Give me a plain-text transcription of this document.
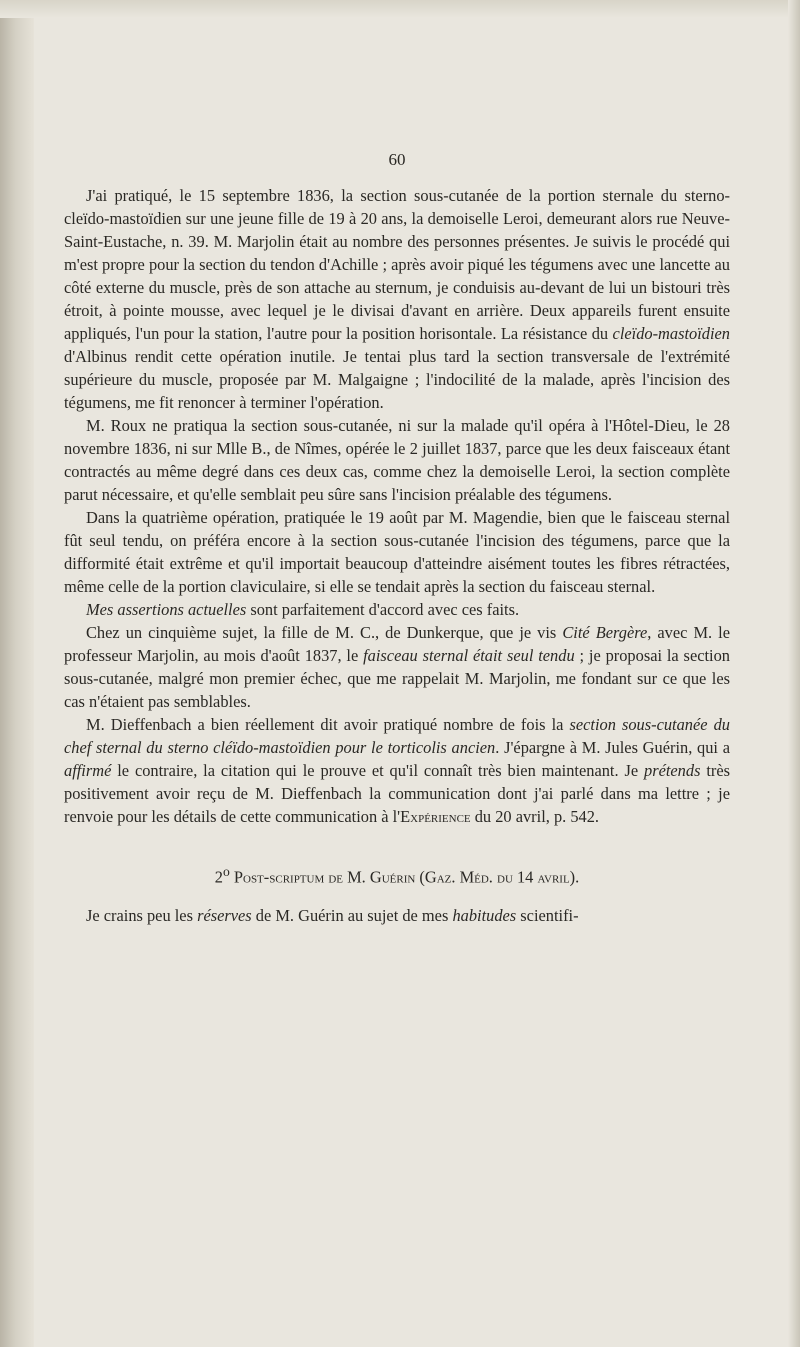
60

J'ai pratiqué, le 15 septembre 1836, la section sous-cutanée de la portion sternale du sterno-cleïdo-mastoïdien sur une jeune fille de 19 à 20 ans, la demoiselle Leroi, demeurant alors rue Neuve-Saint-Eustache, n. 39. M. Marjolin était au nombre des personnes présentes. Je suivis le procédé qui m'est propre pour la section du tendon d'Achille ; après avoir piqué les tégumens avec une lancette au côté externe du muscle, près de son attache au sternum, je conduisis au-devant de lui un bistouri très étroit, à pointe mousse, avec lequel je le divisai d'avant en arrière. Deux appareils furent ensuite appliqués, l'un pour la station, l'autre pour la position horisontale. La résistance du cleïdo-mastoïdien d'Albinus rendit cette opération inutile. Je tentai plus tard la section transversale de l'extrémité supérieure du muscle, proposée par M. Malgaigne ; l'indocilité de la malade, après l'incision des tégumens, me fit renoncer à terminer l'opération.

M. Roux ne pratiqua la section sous-cutanée, ni sur la malade qu'il opéra à l'Hôtel-Dieu, le 28 novembre 1836, ni sur Mlle B., de Nîmes, opérée le 2 juillet 1837, parce que les deux faisceaux étant contractés au même degré dans ces deux cas, comme chez la demoiselle Leroi, la section complète parut nécessaire, et qu'elle semblait peu sûre sans l'incision préalable des tégumens.

Dans la quatrième opération, pratiquée le 19 août par M. Magendie, bien que le faisceau sternal fût seul tendu, on préféra encore à la section sous-cutanée l'incision des tégumens, parce que la difformité était extrême et qu'il importait beaucoup d'atteindre aisément toutes les fibres rétractées, même celle de la portion claviculaire, si elle se tendait après la section du faisceau sternal.

Mes assertions actuelles sont parfaitement d'accord avec ces faits.

Chez un cinquième sujet, la fille de M. C., de Dunkerque, que je vis Cité Bergère, avec M. le professeur Marjolin, au mois d'août 1837, le faisceau sternal était seul tendu ; je proposai la section sous-cutanée, malgré mon premier échec, que me rappelait M. Marjolin, me fondant sur ce que les cas n'étaient pas semblables.

M. Dieffenbach a bien réellement dit avoir pratiqué nombre de fois la section sous-cutanée du chef sternal du sterno cléïdo-mastoïdien pour le torticolis ancien. J'épargne à M. Jules Guérin, qui a affirmé le contraire, la citation qui le prouve et qu'il connaît très bien maintenant. Je prétends très positivement avoir reçu de M. Dieffenbach la communication dont j'ai parlé dans ma lettre ; je renvoie pour les détails de cette communication à l'Expérience du 20 avril, p. 542.

2$^o$ Post-scriptum de M. Guérin (Gaz. Méd. du 14 avril).

Je crains peu les réserves de M. Guérin au sujet de mes habitudes scientifi-
